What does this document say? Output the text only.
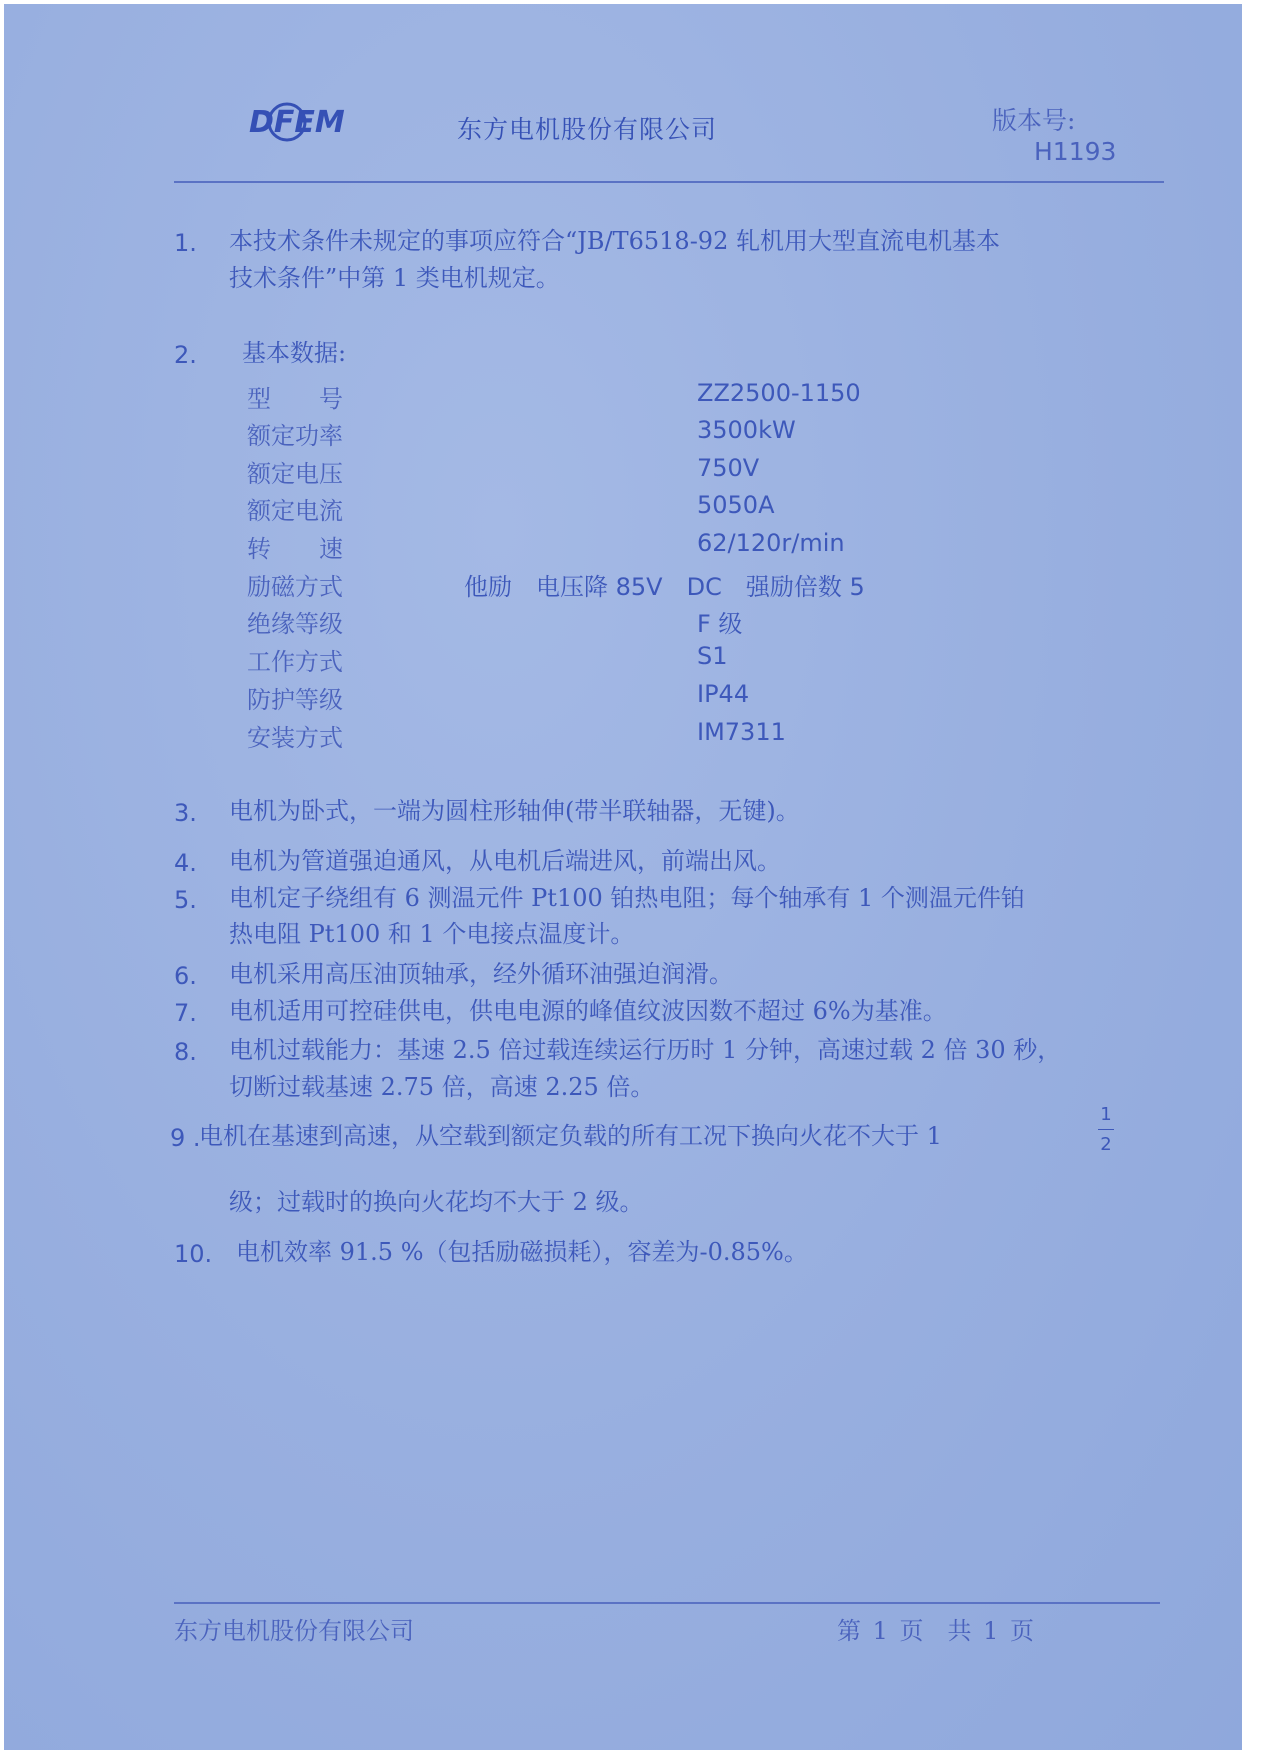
DFEM	东方电机股份有限公司	版本号:
H1193
1. 本技术条件未规定的事项应符合“JB/T6518-92 轧机用大型直流电机基本
技术条件”中第 1 类电机规定。
2. 基本数据:
型　　号	ZZ2500-1150
额定功率	3500kW
额定电压	750V
额定电流	5050A
转　　速	62/120r/min
励磁方式	他励　电压降 85V　DC　强励倍数 5
绝缘等级	F 级
工作方式	S1
防护等级	IP44
安装方式	IM7311
3. 电机为卧式，一端为圆柱形轴伸(带半联轴器，无键)。
4. 电机为管道强迫通风，从电机后端进风，前端出风。
5. 电机定子绕组有 6 测温元件 Pt100 铂热电阻；每个轴承有 1 个测温元件铂
热电阻 Pt100 和 1 个电接点温度计。
6. 电机采用高压油顶轴承，经外循环油强迫润滑。
7. 电机适用可控硅供电，供电电源的峰值纹波因数不超过 6%为基准。
8. 电机过载能力：基速 2.5 倍过载连续运行历时 1 分钟，高速过载 2 倍 30 秒，
切断过载基速 2.75 倍，高速 2.25 倍。
9 .
电机在基速到高速，从空载到额定负载的所有工况下换向火花不大于 1
1
2
级；过载时的换向火花均不大于 2 级。
10. 电机效率 91.5 %（包括励磁损耗），容差为-0.85%。
东方电机股份有限公司	第 1 页　共 1 页
